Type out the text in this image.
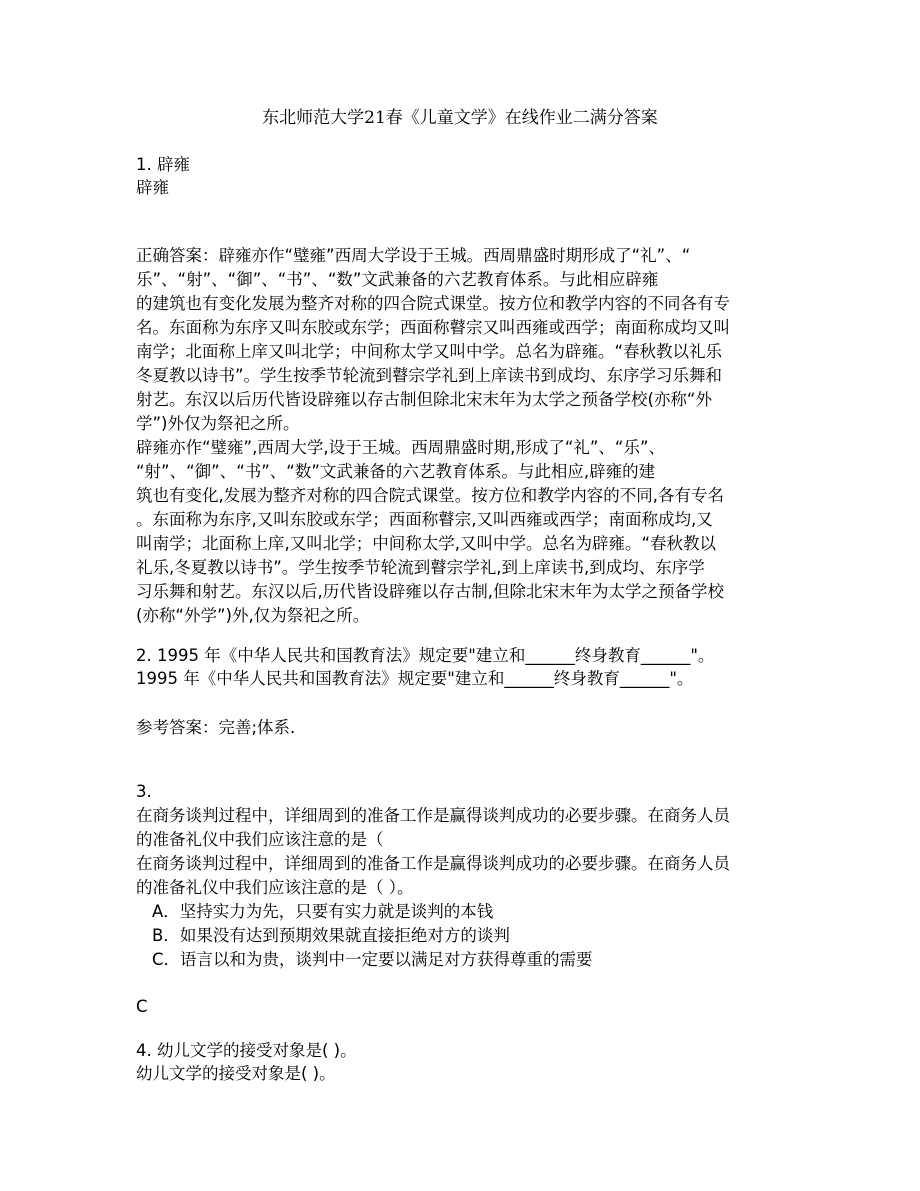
东北师范大学21春《儿童文学》在线作业二满分答案
1. 辟雍
辟雍
正确答案：辟雍亦作“璧雍”西周大学设于王城。西周鼎盛时期形成了“礼”、“
乐”、“射”、“御”、“书”、“数”文武兼备的六艺教育体系。与此相应辟雍
的建筑也有变化发展为整齐对称的四合院式课堂。按方位和教学内容的不同各有专
名。东面称为东序又叫东胶或东学；西面称瞽宗又叫西雍或西学；南面称成均又叫
南学；北面称上庠又叫北学；中间称太学又叫中学。总名为辟雍。“春秋教以礼乐
冬夏教以诗书”。学生按季节轮流到瞽宗学礼到上庠读书到成均、东序学习乐舞和
射艺。东汉以后历代皆设辟雍以存古制但除北宋末年为太学之预备学校(亦称“外
学”)外仅为祭祀之所。
辟雍亦作“璧雍”,西周大学,设于王城。西周鼎盛时期,形成了“礼”、“乐”、
“射”、“御”、“书”、“数”文武兼备的六艺教育体系。与此相应,辟雍的建
筑也有变化,发展为整齐对称的四合院式课堂。按方位和教学内容的不同,各有专名
。东面称为东序,又叫东胶或东学；西面称瞽宗,又叫西雍或西学；南面称成均,又
叫南学；北面称上庠,又叫北学；中间称太学,又叫中学。总名为辟雍。“春秋教以
礼乐,冬夏教以诗书”。学生按季节轮流到瞽宗学礼,到上庠读书,到成均、东序学
习乐舞和射艺。东汉以后,历代皆设辟雍以存古制,但除北宋末年为太学之预备学校
(亦称“外学”)外,仅为祭祀之所。
2. 1995 年《中华人民共和国教育法》规定要"建立和______终身教育______"。
1995 年《中华人民共和国教育法》规定要"建立和______终身教育______"。
参考答案：完善;体系.
3.
在商务谈判过程中，详细周到的准备工作是赢得谈判成功的必要步骤。在商务人员
的准备礼仪中我们应该注意的是（
在商务谈判过程中，详细周到的准备工作是赢得谈判成功的必要步骤。在商务人员
的准备礼仪中我们应该注意的是（ ）。
A．坚持实力为先，只要有实力就是谈判的本钱
B．如果没有达到预期效果就直接拒绝对方的谈判
C．语言以和为贵，谈判中一定要以满足对方获得尊重的需要
C
4. 幼儿文学的接受对象是( )。
幼儿文学的接受对象是( )。
